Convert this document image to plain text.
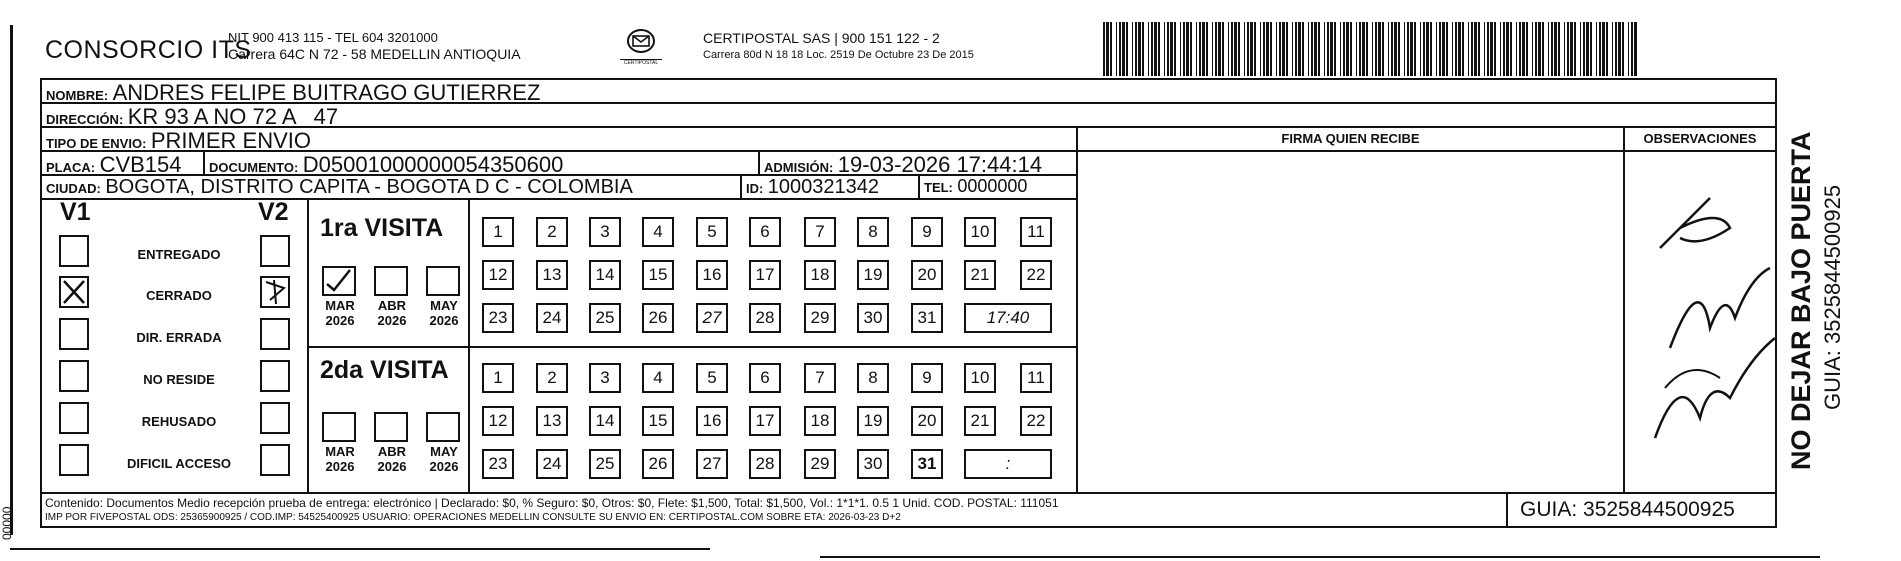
00000
CONSORCIO ITS
NIT 900 413 115 - TEL 604 3201000
Carrera 64C N 72 - 58 MEDELLIN ANTIOQUIA
CERTIPOSTAL
CERTIPOSTAL SAS | 900 151 122 - 2
Carrera 80d N 18 18 Loc. 2519 De Octubre 23 De 2015
NOMBRE: ANDRES FELIPE BUITRAGO GUTIERREZ
DIRECCIÓN: KR 93 A NO 72 A   47
TIPO DE ENVIO: PRIMER ENVIO	FIRMA QUIEN RECIBE	OBSERVACIONES
PLACA: CVB154	DOCUMENTO: D05001000000054350600	ADMISIÓN: 19-03-2026 17:44:14
CIUDAD: BOGOTA, DISTRITO CAPITA - BOGOTA D C - COLOMBIA	ID: 1000321342	TEL: 0000000
V1	V2
ENTREGADO
CERRADO
DIR. ERRADA
NO RESIDE
REHUSADO
DIFICIL ACCESO
1ra VISITA
MAR
2026
ABR
2026
MAY
2026
1	2	3	4	5	6	7	8	9	10	11
12	13	14	15	16	17	18	19	20	21	22
23	24	25	26	27	28	29	30	31	17:40
2da VISITA
MAR
2026
ABR
2026
MAY
2026
1	2	3	4	5	6	7	8	9	10	11
12	13	14	15	16	17	18	19	20	21	22
23	24	25	26	27	28	29	30	31	:
Contenido: Documentos Medio recepción prueba de entrega: electrónico | Declarado: $0, % Seguro: $0, Otros: $0, Flete: $1,500, Total: $1,500, Vol.: 1*1*1. 0.5 1 Unid. COD. POSTAL: 111051
IMP POR FIVEPOSTAL ODS: 25365900925 / COD.IMP: 54525400925 USUARIO: OPERACIONES MEDELLIN CONSULTE SU ENVIO EN: CERTIPOSTAL.COM SOBRE ETA: 2026-03-23 D+2	GUIA: 3525844500925
NO DEJAR BAJO PUERTA GUIA: 3525844500925
